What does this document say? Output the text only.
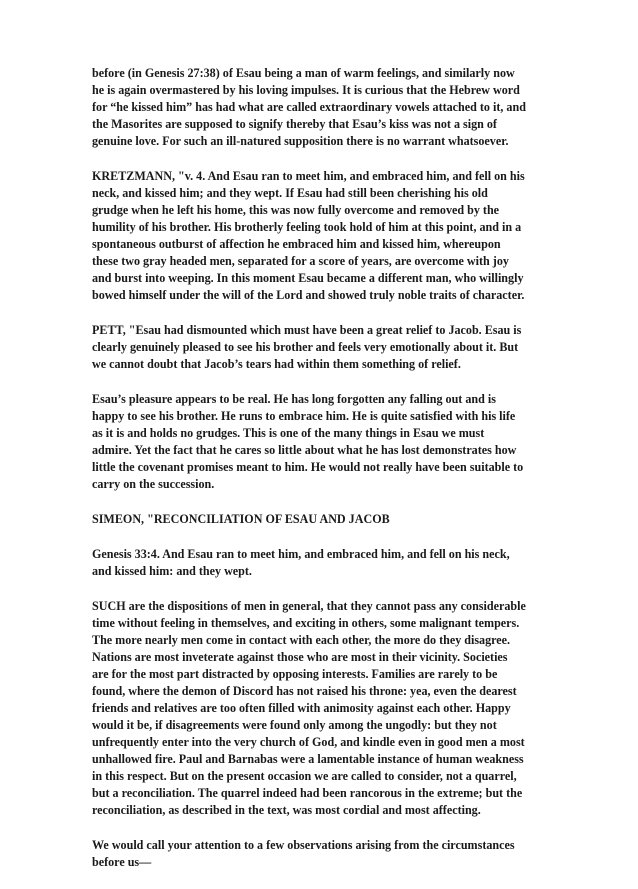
before (in Genesis 27:38) of Esau being a man of warm feelings, and similarly now
he is again overmastered by his loving impulses. It is curious that the Hebrew word
for “he kissed him” has had what are called extraordinary vowels attached to it, and
the Masorites are supposed to signify thereby that Esau’s kiss was not a sign of
genuine love. For such an ill-natured supposition there is no warrant whatsoever.

KRETZMANN, "v. 4. And Esau ran to meet him, and embraced him, and fell on his
neck, and kissed him; and they wept. If Esau had still been cherishing his old
grudge when he left his home, this was now fully overcome and removed by the
humility of his brother. His brotherly feeling took hold of him at this point, and in a
spontaneous outburst of affection he embraced him and kissed him, whereupon
these two gray headed men, separated for a score of years, are overcome with joy
and burst into weeping. In this moment Esau became a different man, who willingly
bowed himself under the will of the Lord and showed truly noble traits of character.

PETT, "Esau had dismounted which must have been a great relief to Jacob. Esau is
clearly genuinely pleased to see his brother and feels very emotionally about it. But
we cannot doubt that Jacob’s tears had within them something of relief.

Esau’s pleasure appears to be real. He has long forgotten any falling out and is
happy to see his brother. He runs to embrace him. He is quite satisfied with his life
as it is and holds no grudges. This is one of the many things in Esau we must
admire. Yet the fact that he cares so little about what he has lost demonstrates how
little the covenant promises meant to him. He would not really have been suitable to
carry on the succession.

SIMEON, "RECONCILIATION OF ESAU AND JACOB

Genesis 33:4. And Esau ran to meet him, and embraced him, and fell on his neck,
and kissed him: and they wept.

SUCH are the dispositions of men in general, that they cannot pass any considerable
time without feeling in themselves, and exciting in others, some malignant tempers.
The more nearly men come in contact with each other, the more do they disagree.
Nations are most inveterate against those who are most in their vicinity. Societies
are for the most part distracted by opposing interests. Families are rarely to be
found, where the demon of Discord has not raised his throne: yea, even the dearest
friends and relatives are too often filled with animosity against each other. Happy
would it be, if disagreements were found only among the ungodly: but they not
unfrequently enter into the very church of God, and kindle even in good men a most
unhallowed fire. Paul and Barnabas were a lamentable instance of human weakness
in this respect. But on the present occasion we are called to consider, not a quarrel,
but a reconciliation. The quarrel indeed had been rancorous in the extreme; but the
reconciliation, as described in the text, was most cordial and most affecting.

We would call your attention to a few observations arising from the circumstances
before us—
